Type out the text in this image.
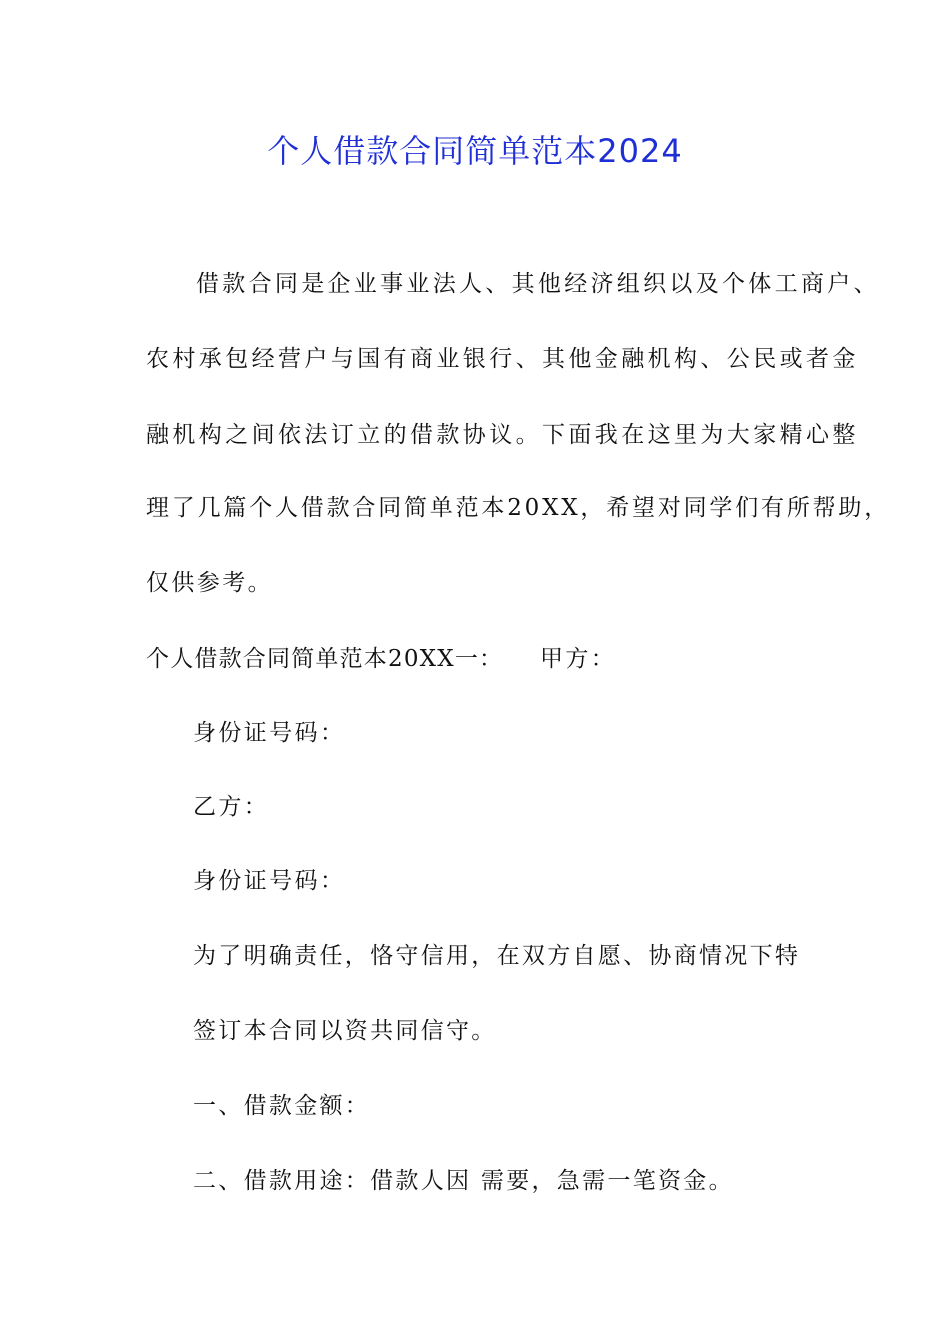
个人借款合同简单范本2024
借款合同是企业事业法人、其他经济组织以及个体工商户、
农村承包经营户与国有商业银行、其他金融机构、公民或者金
融机构之间依法订立的借款协议。下面我在这里为大家精心整
理了几篇个人借款合同简单范本20XX，希望对同学们有所帮助，
仅供参考。
个人借款合同简单范本20XX一： 甲方：
身份证号码：
乙方：
身份证号码：
为了明确责任，恪守信用，在双方自愿、协商情况下特
签订本合同以资共同信守。
一、借款金额：
二、借款用途：借款人因 需要，急需一笔资金。
